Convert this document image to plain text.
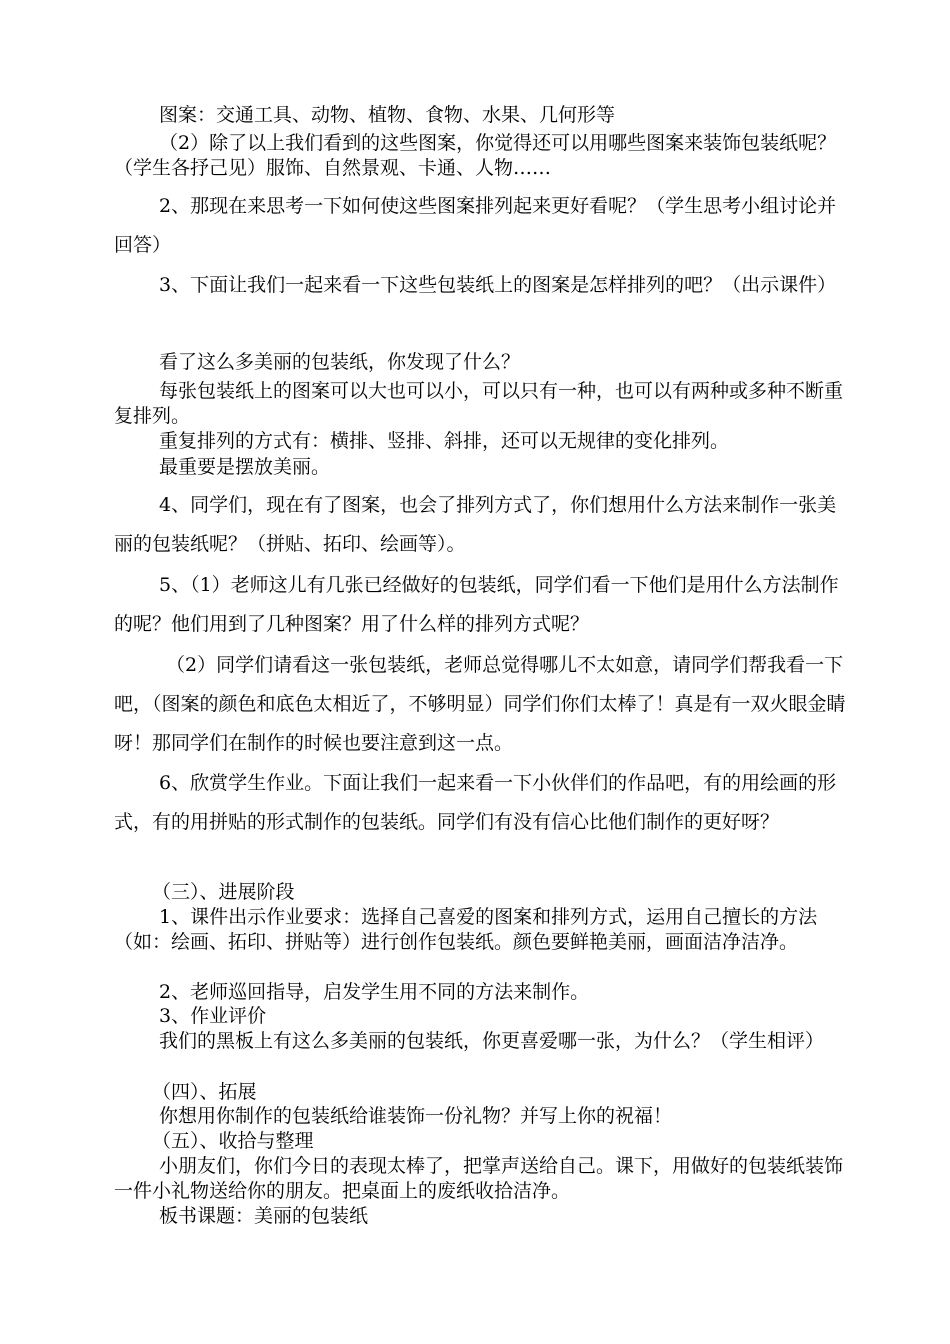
图案：交通工具、动物、植物、食物、水果、几何形等

（2）除了以上我们看到的这些图案，你觉得还可以用哪些图案来装饰包装纸呢？（学生各抒己见）服饰、自然景观、卡通、人物……

2、那现在来思考一下如何使这些图案排列起来更好看呢？（学生思考小组讨论并回答）

3、下面让我们一起来看一下这些包装纸上的图案是怎样排列的吧？（出示课件）

看了这么多美丽的包装纸，你发现了什么？

每张包装纸上的图案可以大也可以小，可以只有一种，也可以有两种或多种不断重复排列。

重复排列的方式有：横排、竖排、斜排，还可以无规律的变化排列。

最重要是摆放美丽。

4、同学们，现在有了图案，也会了排列方式了，你们想用什么方法来制作一张美丽的包装纸呢？（拼贴、拓印、绘画等）。

5、（1）老师这儿有几张已经做好的包装纸，同学们看一下他们是用什么方法制作的呢？他们用到了几种图案？用了什么样的排列方式呢？

（2）同学们请看这一张包装纸，老师总觉得哪儿不太如意，请同学们帮我看一下吧，（图案的颜色和底色太相近了，不够明显）同学们你们太棒了！真是有一双火眼金睛呀！那同学们在制作的时候也要注意到这一点。

6、欣赏学生作业。下面让我们一起来看一下小伙伴们的作品吧，有的用绘画的形式，有的用拼贴的形式制作的包装纸。同学们有没有信心比他们制作的更好呀？

（三）、进展阶段

1、课件出示作业要求：选择自己喜爱的图案和排列方式，运用自己擅长的方法（如：绘画、拓印、拼贴等）进行创作包装纸。颜色要鲜艳美丽，画面洁净洁净。

2、老师巡回指导，启发学生用不同的方法来制作。

3、作业评价

我们的黑板上有这么多美丽的包装纸，你更喜爱哪一张，为什么？（学生相评）

（四）、拓展

你想用你制作的包装纸给谁装饰一份礼物？并写上你的祝福！

（五）、收拾与整理

小朋友们，你们今日的表现太棒了，把掌声送给自己。课下，用做好的包装纸装饰一件小礼物送给你的朋友。把桌面上的废纸收拾洁净。

板书课题：美丽的包装纸
